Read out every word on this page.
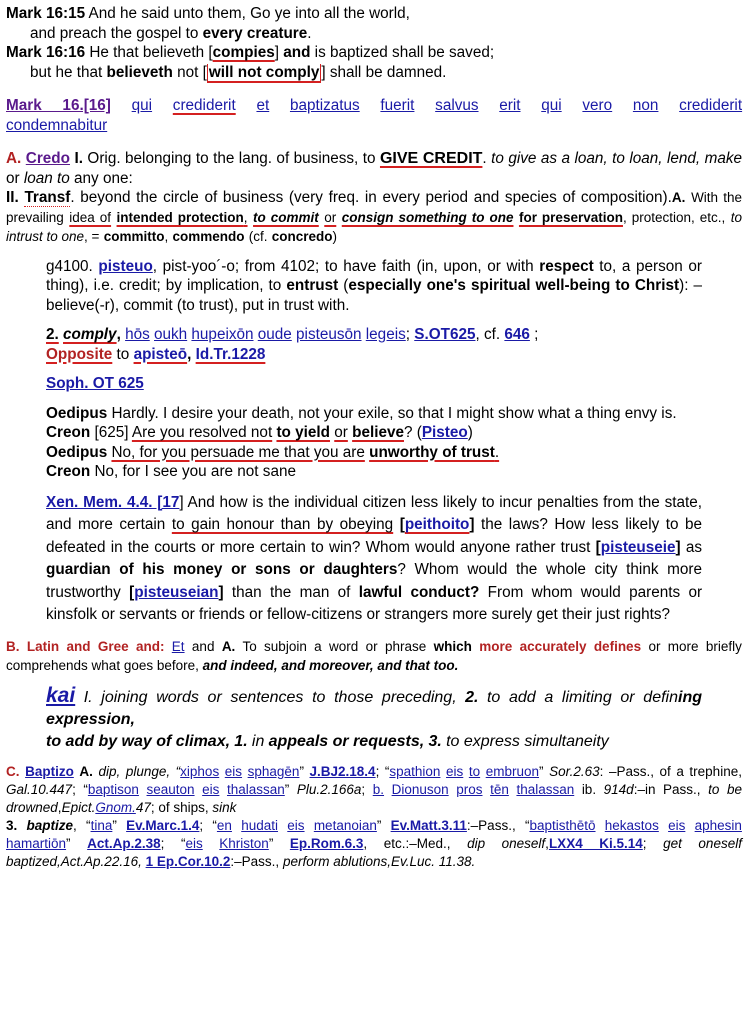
Mark 16:15 And he said unto them, Go ye into all the world,

and preach the gospel to every creature.

Mark 16:16 He that believeth [compies] and is baptized shall be saved;

but he that believeth not [ will not comply ] shall be damned.

Mark 16.[16] qui crediderit et baptizatus fuerit salvus erit qui vero non crediderit condemnabitur

A. Credo I. Orig. belonging to the lang. of business, to GIVE CREDIT. to give as a loan, to loan, lend, make or loan to any one:
II. Transf. beyond the circle of business (very freq. in every period and species of composition).A. With the prevailing idea of intended protection, to commit or consign something to one for preservation, protection, etc., to intrust to one, = committo, commendo (cf. concredo)

g4100. pisteuo, pist-yoo´-o; from 4102; to have faith (in, upon, or with respect to, a person or thing), i.e. credit; by implication, to entrust (especially one's spiritual well-being to Christ): – believe(-r), commit (to trust), put in trust with.

2. comply, hōs oukh hupeixōn oude pisteusōn legeis; S.OT625, cf. 646 ;

Opposite to apisteō, Id.Tr.1228

Soph. OT 625

Oedipus Hardly. I desire your death, not your exile, so that I might show what a thing envy is.

Creon [625] Are you resolved not to yield or believe? (Pisteo)

Oedipus No, for you persuade me that you are unworthy of trust.

Creon No, for I see you are not sane

Xen. Mem. 4.4. [17] And how is the individual citizen less likely to incur penalties from the state, and more certain to gain honour than by obeying [peithoito] the laws? How less likely to be defeated in the courts or more certain to win? Whom would anyone rather trust [pisteuseie] as guardian of his money or sons or daughters? Whom would the whole city think more trustworthy [pisteuseian] than the man of lawful conduct? From whom would parents or kinsfolk or servants or friends or fellow-citizens or strangers more surely get their just rights?

B. Latin and Gree and: Et and A. To subjoin a word or phrase which more accurately defines or more briefly comprehends what goes before, and indeed, and moreover, and that too.

kai I. joining words or sentences to those preceding, 2. to add a limiting or defining expression,

to add by way of climax, 1. in appeals or requests, 3. to express simultaneity

C. Baptizo A. dip, plunge, “xiphos eis sphagēn” J.BJ2.18.4; “spathion eis to embruon” Sor.2.63: –Pass., of a trephine, Gal.10.447; “baptison seauton eis thalassan” Plu.2.166a; b. Dionuson pros tēn thalassan ib. 914d:–in Pass., to be drowned,Epict.Gnom.47; of ships, sink

3. baptize, “tina” Ev.Marc.1.4; “en hudati eis metanoian” Ev.Matt.3.11:–Pass., “baptisthētō hekastos eis aphesin hamartiōn” Act.Ap.2.38; “eis Khriston” Ep.Rom.6.3, etc.:–Med., dip oneself,LXX4 Ki.5.14; get oneself baptized,Act.Ap.22.16, 1 Ep.Cor.10.2:–Pass., perform ablutions,Ev.Luc. 11.38.
